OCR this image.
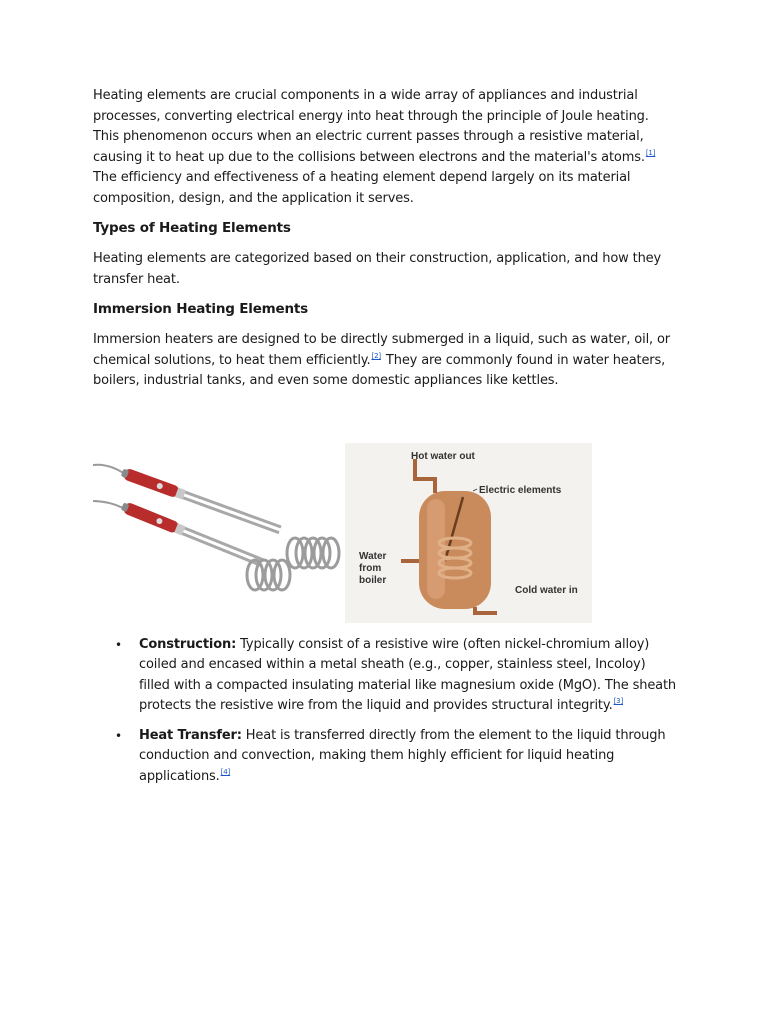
Heating elements are crucial components in a wide array of appliances and industrial processes, converting electrical energy into heat through the principle of Joule heating. This phenomenon occurs when an electric current passes through a resistive material, causing it to heat up due to the collisions between electrons and the material's atoms.[1] The efficiency and effectiveness of a heating element depend largely on its material composition, design, and the application it serves.

Types of Heating Elements

Heating elements are categorized based on their construction, application, and how they transfer heat.

Immersion Heating Elements

Immersion heaters are designed to be directly submerged in a liquid, such as water, oil, or chemical solutions, to heat them efficiently.[2] They are commonly found in water heaters, boilers, industrial tanks, and even some domestic appliances like kettles.

Hot water out
Electric elements
Water
from
boiler
Cold water in
• Construction: Typically consist of a resistive wire (often nickel-chromium alloy) coiled and encased within a metal sheath (e.g., copper, stainless steel, Incoloy) filled with a compacted insulating material like magnesium oxide (MgO). The sheath protects the resistive wire from the liquid and provides structural integrity.[3]
• Heat Transfer: Heat is transferred directly from the element to the liquid through conduction and convection, making them highly efficient for liquid heating applications.[4]
